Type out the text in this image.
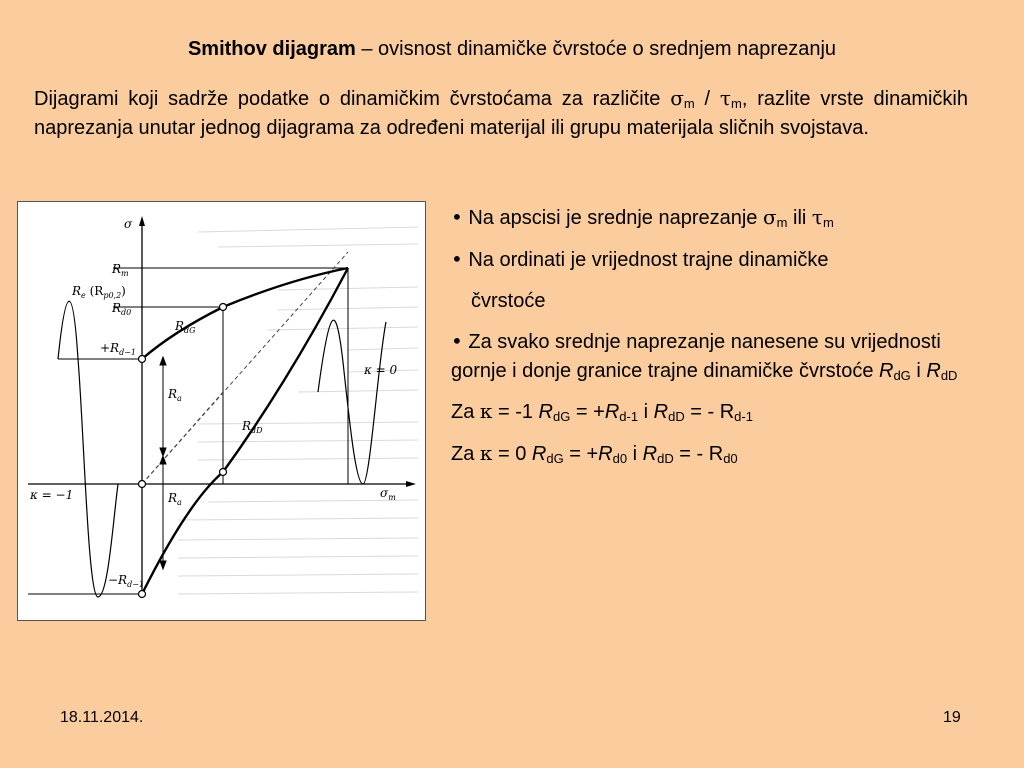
Smithov dijagram – ovisnost dinamičke čvrstoće o srednjem naprezanju
Dijagrami koji sadrže podatke o dinamičkim čvrstoćama za različite $\sigma_m / \tau_m$, razlite vrste dinamičkih naprezanja unutar jednog dijagrama za određeni materijal ili grupu materijala sličnih svojstava.
σ
$R_m$
$R_e$ $(R_{p0,2})$
$R_{d0}$
$R_{dG}$
$+R_{d-1}$
$R_a$
$R_{dD}$
κ = 0
κ = −1	$\sigma_m$
$R_a$
$-R_{d-1}$

• Na apscisi je srednje naprezanje $\sigma_m$ ili $\tau_m$

• Na ordinati je vrijednost trajne dinamičke

čvrstoće

• Za svako srednje naprezanje nanesene su vrijednosti gornje i donje granice trajne dinamičke čvrstoće $R_{dG}$ i $R_{dD}$

Za κ = -1 $R_{dG} = +R_{d-1}$ i $R_{dD}$ = - $R_{d-1}$

Za κ = 0 $R_{dG} = +R_{d0}$ i $R_{dD}$ = - $R_{d0}$

18.11.2014.	19
